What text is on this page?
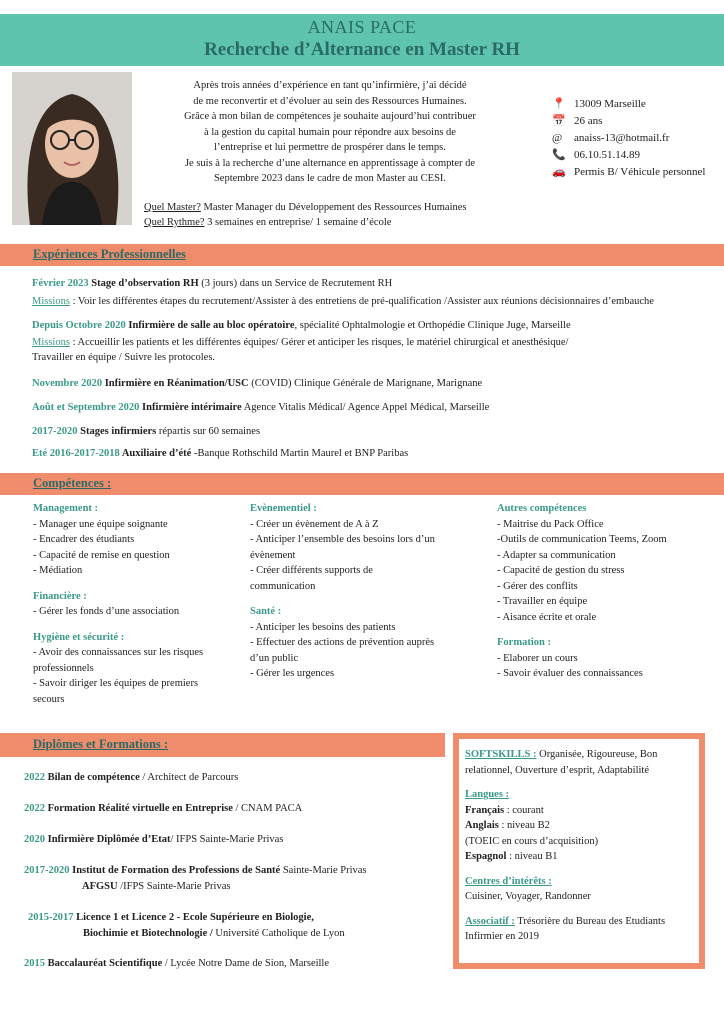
ANAIS PACE
Recherche d’Alternance en Master RH
Après trois années d’expérience en tant qu’infirmière, j’ai décidé
de me reconvertir et d’évoluer au sein des Ressources Humaines.
Grâce à mon bilan de compétences je souhaite aujourd’hui contribuer
à la gestion du capital humain pour répondre aux besoins de
l’entreprise et lui permettre de prospérer dans le temps.
Je suis à la recherche d’une alternance en apprentissage à compter de
Septembre 2023 dans le cadre de mon Master au CESI.
Quel Master? Master Manager du Développement des Ressources Humaines
Quel Rythme? 3 semaines en entreprise/ 1 semaine d’école
📍 13009 Marseille
📅 26 ans
@	anaiss-13@hotmail.fr
📞 06.10.51.14.89
🚗 Permis B/ Véhicule personnel
Expériences Professionnelles
Février 2023 Stage d’observation RH (3 jours) dans un Service de Recrutement RH
Missions : Voir les différentes étapes du recrutement/Assister à des entretiens de pré-qualification /Assister aux réunions décisionnaires d’embauche
Depuis Octobre 2020 Infirmière de salle au bloc opératoire, spécialité Ophtalmologie et Orthopédie Clinique Juge, Marseille
Missions : Accueillir les patients et les différentes équipes/ Gérer et anticiper les risques, le matériel chirurgical et anesthésique/
Travailler en équipe / Suivre les protocoles.
Novembre 2020 Infirmière en Réanimation/USC (COVID) Clinique Générale de Marignane, Marignane
Août et Septembre 2020 Infirmière intérimaire Agence Vitalis Médical/ Agence Appel Médical, Marseille
2017-2020 Stages infirmiers répartis sur 60 semaines
Eté 2016-2017-2018 Auxiliaire d’été -Banque Rothschild Martin Maurel et BNP Paribas
Compétences :
Management :
- Manager une équipe soignante
- Encadrer des étudiants
- Capacité de remise en question
- Médiation
Financière :
- Gérer les fonds d’une association
Hygiène et sécurité :
- Avoir des connaissances sur les risques
professionnels
- Savoir diriger les équipes de premiers
secours
Evènementiel :
- Créer un évènement de A à Z
- Anticiper l’ensemble des besoins lors d’un
évènement
- Créer différents supports de
communication
Santé :
- Anticiper les besoins des patients
- Effectuer des actions de prévention auprès
d’un public
- Gérer les urgences
Autres compétences
- Maitrise du Pack Office
-Outils de communication Teems, Zoom
- Adapter sa communication
- Capacité de gestion du stress
- Gérer des conflits
- Travailler en équipe
- Aisance écrite et orale
Formation :
- Elaborer un cours
- Savoir évaluer des connaissances
Diplômes et Formations :
2022 Bilan de compétence / Architect de Parcours
2022 Formation Réalité virtuelle en Entreprise / CNAM PACA
2020 Infirmière Diplômée d’Etat/ IFPS Sainte-Marie Privas
2017-2020 Institut de Formation des Professions de Santé Sainte-Marie Privas
AFGSU /IFPS Sainte-Marie Privas
2015-2017 Licence 1 et Licence 2 - Ecole Supérieure en Biologie,
Biochimie et Biotechnologie / Université Catholique de Lyon
2015 Baccalauréat Scientifique / Lycée Notre Dame de Sion, Marseille
SOFTSKILLS : Organisée, Rigoureuse, Bon relationnel, Ouverture d’esprit, Adaptabilité
Langues :
Français : courant
Anglais : niveau B2
(TOEIC en cours d’acquisition)
Espagnol : niveau B1
Centres d’intérêts :
Cuisiner, Voyager, Randonner
Associatif : Trésorière du Bureau des Etudiants Infirmier en 2019
